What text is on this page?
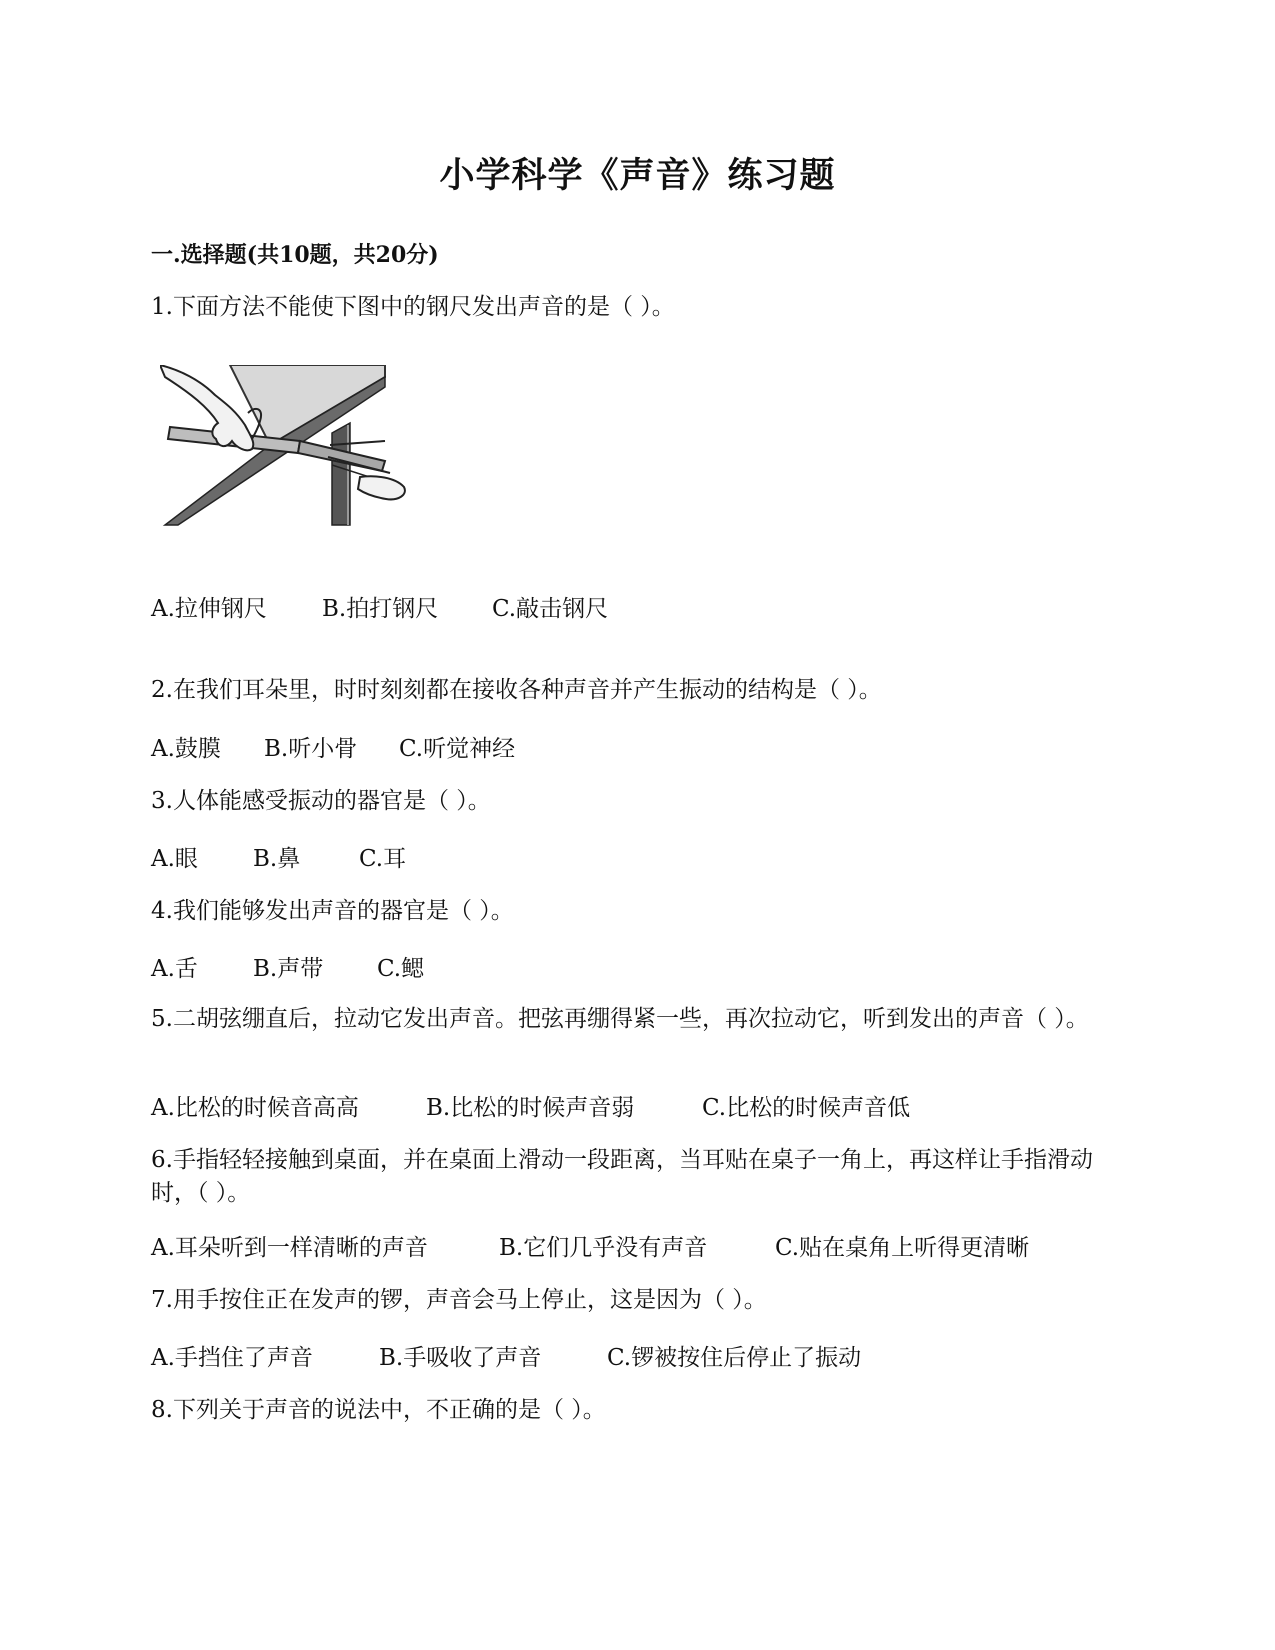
小学科学《声音》练习题
一.选择题(共10题，共20分)
1.下面方法不能使下图中的钢尺发出声音的是（ ）。
A.拉伸钢尺 B.拍打钢尺 C.敲击钢尺
2.在我们耳朵里，时时刻刻都在接收各种声音并产生振动的结构是（ ）。
A.鼓膜 B.听小骨 C.听觉神经
3.人体能感受振动的器官是（ ）。
A.眼 B.鼻	C.耳
4.我们能够发出声音的器官是（ ）。
A.舌 B.声带 C.鳃
5.二胡弦绷直后，拉动它发出声音。把弦再绷得紧一些，再次拉动它，听到发出的声音（ ）。
A.比松的时候音高高	B.比松的时候声音弱	C.比松的时候声音低
6.手指轻轻接触到桌面，并在桌面上滑动一段距离，当耳贴在桌子一角上，再这样让手指滑动时，（ ）。
A.耳朵听到一样清晰的声音	B.它们几乎没有声音	C.贴在桌角上听得更清晰
7.用手按住正在发声的锣，声音会马上停止，这是因为（ ）。
A.手挡住了声音	B.手吸收了声音	C.锣被按住后停止了振动
8.下列关于声音的说法中，不正确的是（ ）。
